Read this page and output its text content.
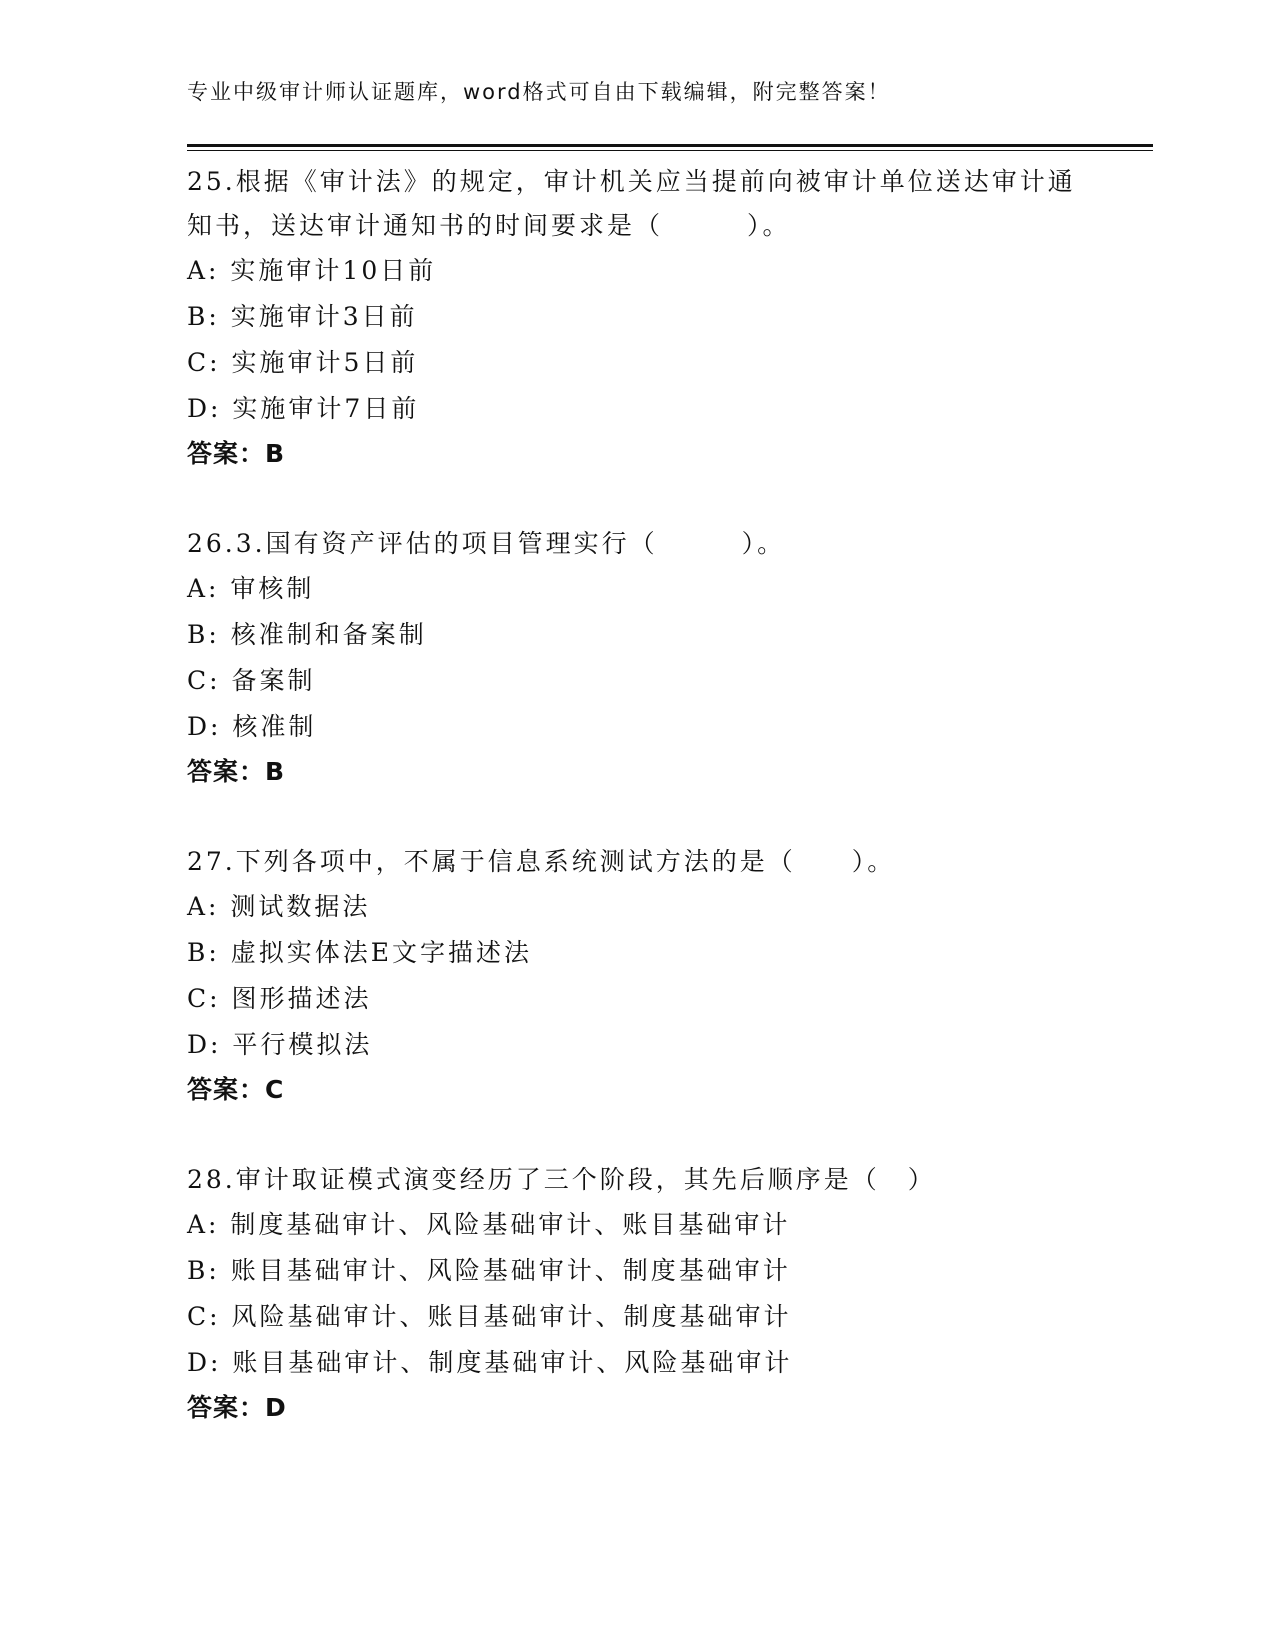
专业中级审计师认证题库，word格式可自由下载编辑，附完整答案！

25.根据《审计法》的规定，审计机关应当提前向被审计单位送达审计通知书，送达审计通知书的时间要求是（　　　）。

A: 实施审计10日前

B: 实施审计3日前

C: 实施审计5日前

D: 实施审计7日前

答案：B

26.3.国有资产评估的项目管理实行（　　　）。

A: 审核制

B: 核准制和备案制

C: 备案制

D: 核准制

答案：B

27.下列各项中，不属于信息系统测试方法的是（　　）。

A: 测试数据法

B: 虚拟实体法E文字描述法

C: 图形描述法

D: 平行模拟法

答案：C

28.审计取证模式演变经历了三个阶段，其先后顺序是（　）

A: 制度基础审计、风险基础审计、账目基础审计

B: 账目基础审计、风险基础审计、制度基础审计

C: 风险基础审计、账目基础审计、制度基础审计

D: 账目基础审计、制度基础审计、风险基础审计

答案：D
